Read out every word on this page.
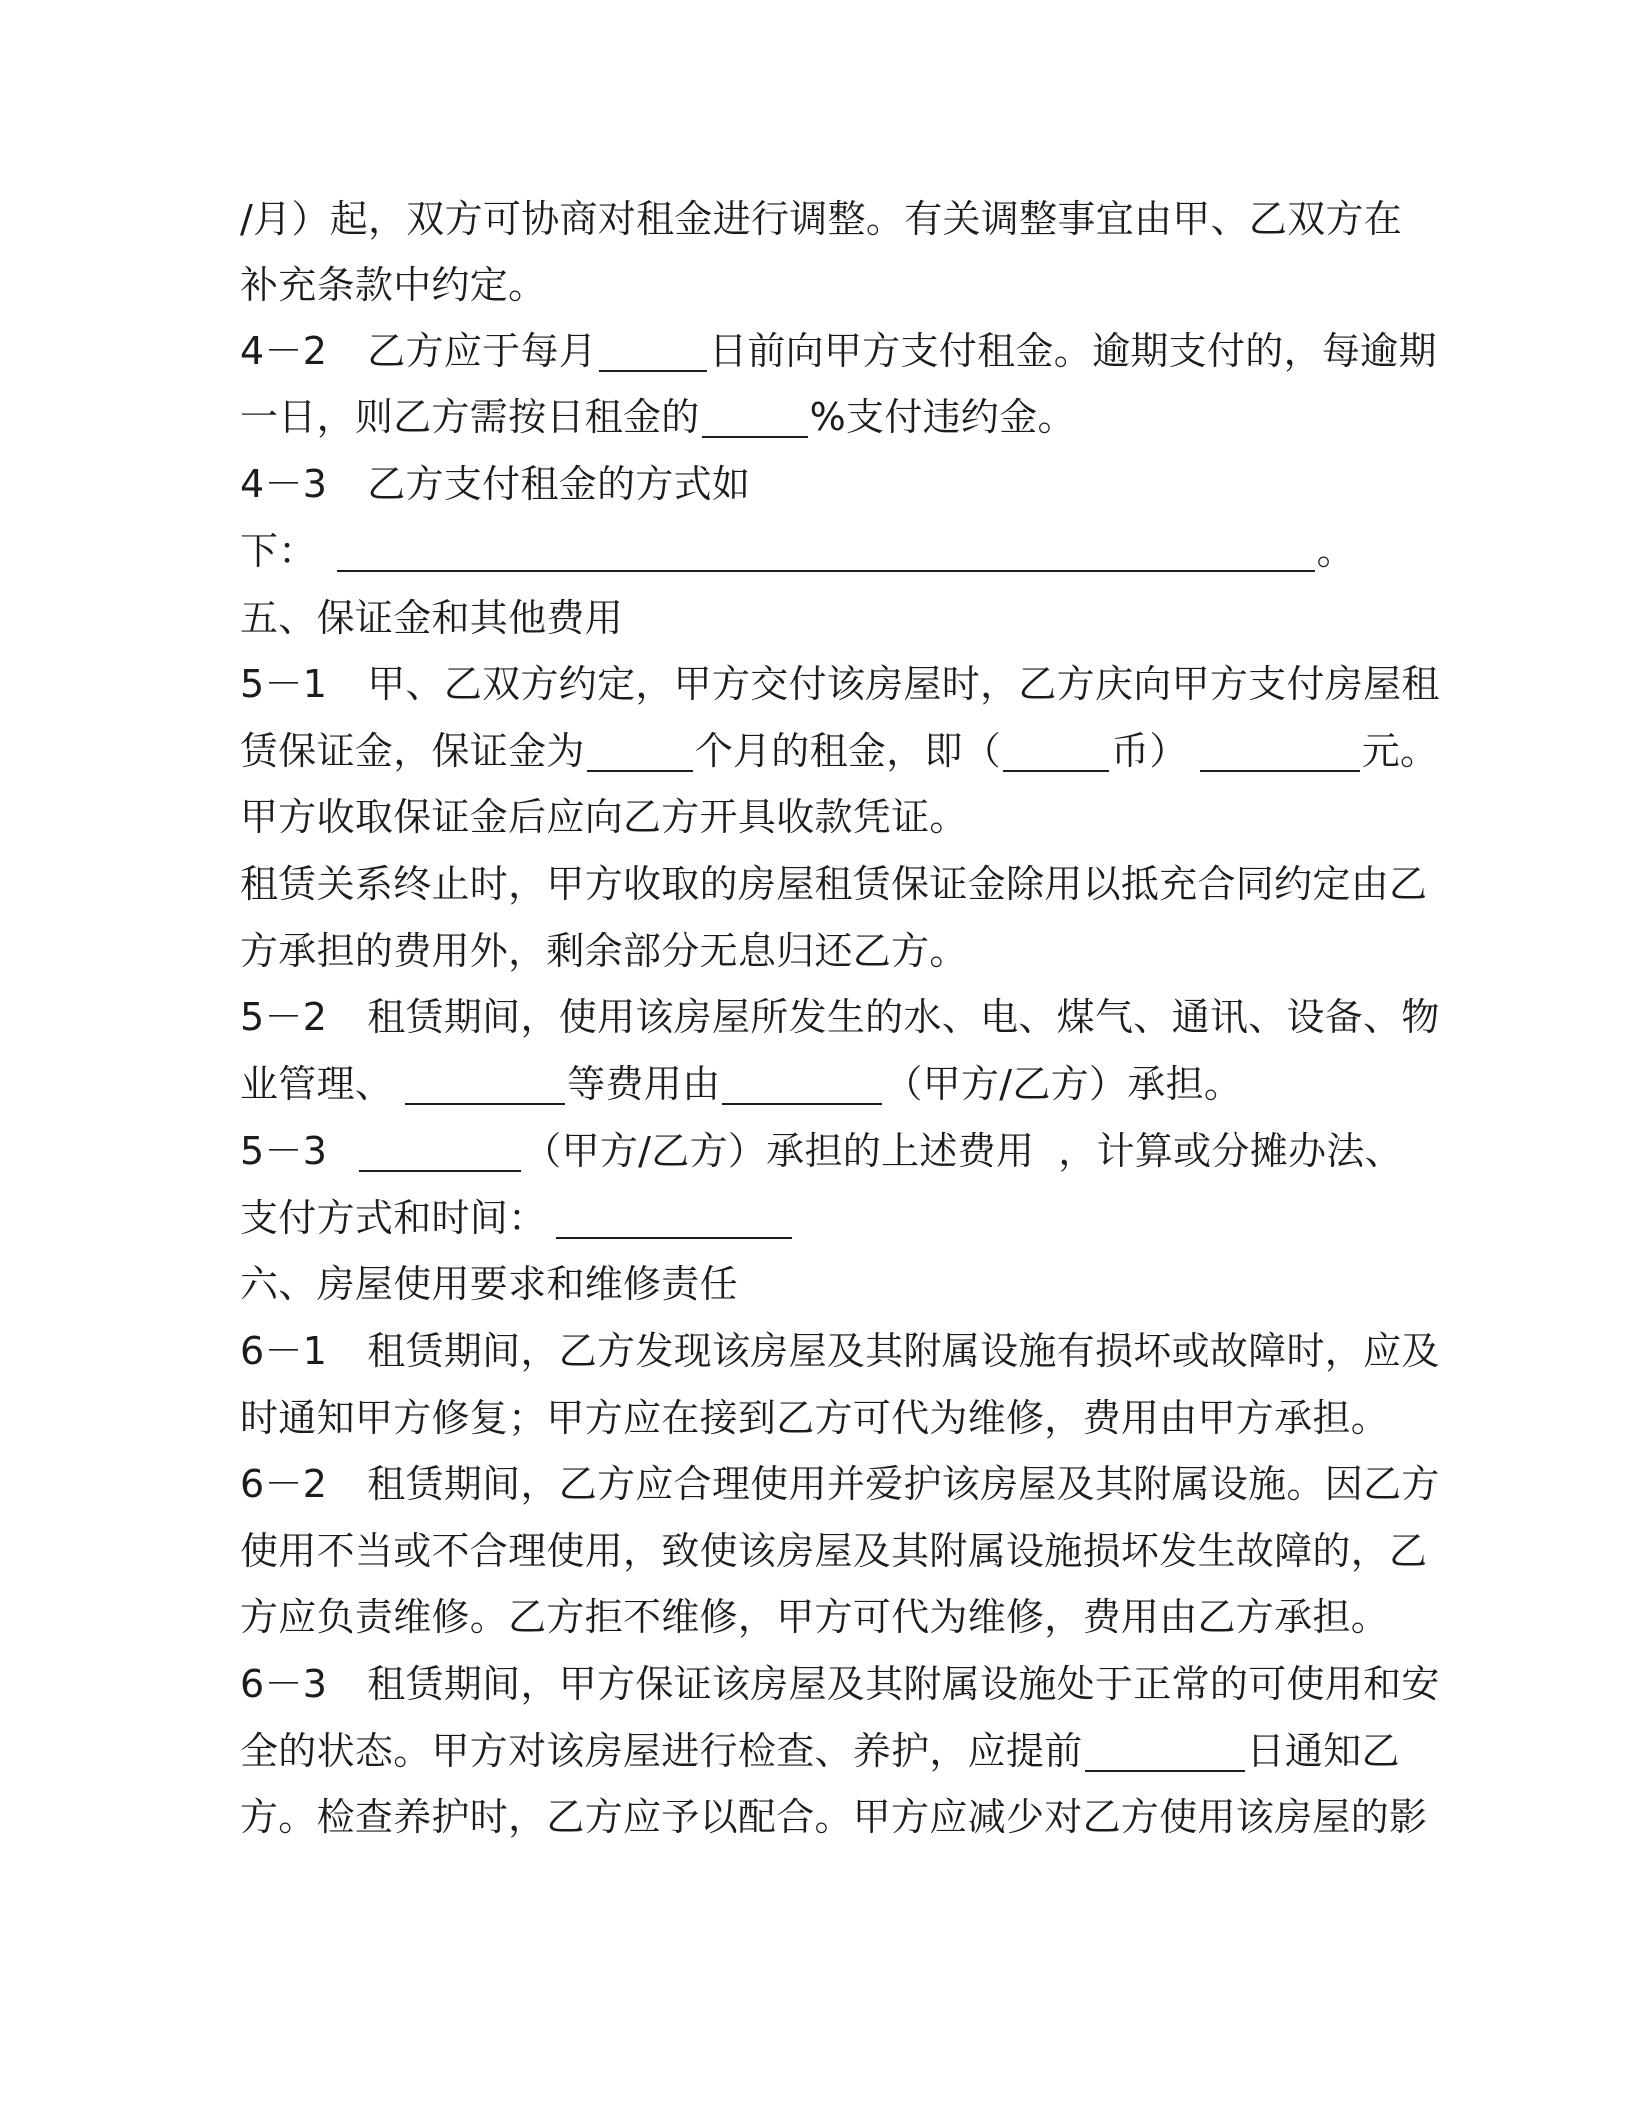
/月）起，双方可协商对租金进行调整。有关调整事宜由甲、乙双方在
补充条款中约定。
4－2 乙方应于每月	日前向甲方支付租金。逾期支付的，每逾期
一日，则乙方需按日租金的	%支付违约金。
4－3 乙方支付租金的方式如
下：	。
五、保证金和其他费用
5－1 甲、乙双方约定，甲方交付该房屋时，乙方庆向甲方支付房屋租
赁保证金，保证金为	个月的租金，即（	币）	元。
甲方收取保证金后应向乙方开具收款凭证。
租赁关系终止时，甲方收取的房屋租赁保证金除用以抵充合同约定由乙
方承担的费用外，剩余部分无息归还乙方。
5－2 租赁期间，使用该房屋所发生的水、电、煤气、通讯、设备、物
业管理、	等费用由	（甲方/乙方）承担。
5－3	（甲方/乙方）承担的上述费用 ，计算或分摊办法、
支付方式和时间：
六、房屋使用要求和维修责任
6－1 租赁期间，乙方发现该房屋及其附属设施有损坏或故障时，应及
时通知甲方修复；甲方应在接到乙方可代为维修，费用由甲方承担。
6－2 租赁期间，乙方应合理使用并爱护该房屋及其附属设施。因乙方
使用不当或不合理使用，致使该房屋及其附属设施损坏发生故障的，乙
方应负责维修。乙方拒不维修，甲方可代为维修，费用由乙方承担。
6－3 租赁期间，甲方保证该房屋及其附属设施处于正常的可使用和安
全的状态。甲方对该房屋进行检查、养护，应提前	日通知乙
方。检查养护时，乙方应予以配合。甲方应减少对乙方使用该房屋的影
